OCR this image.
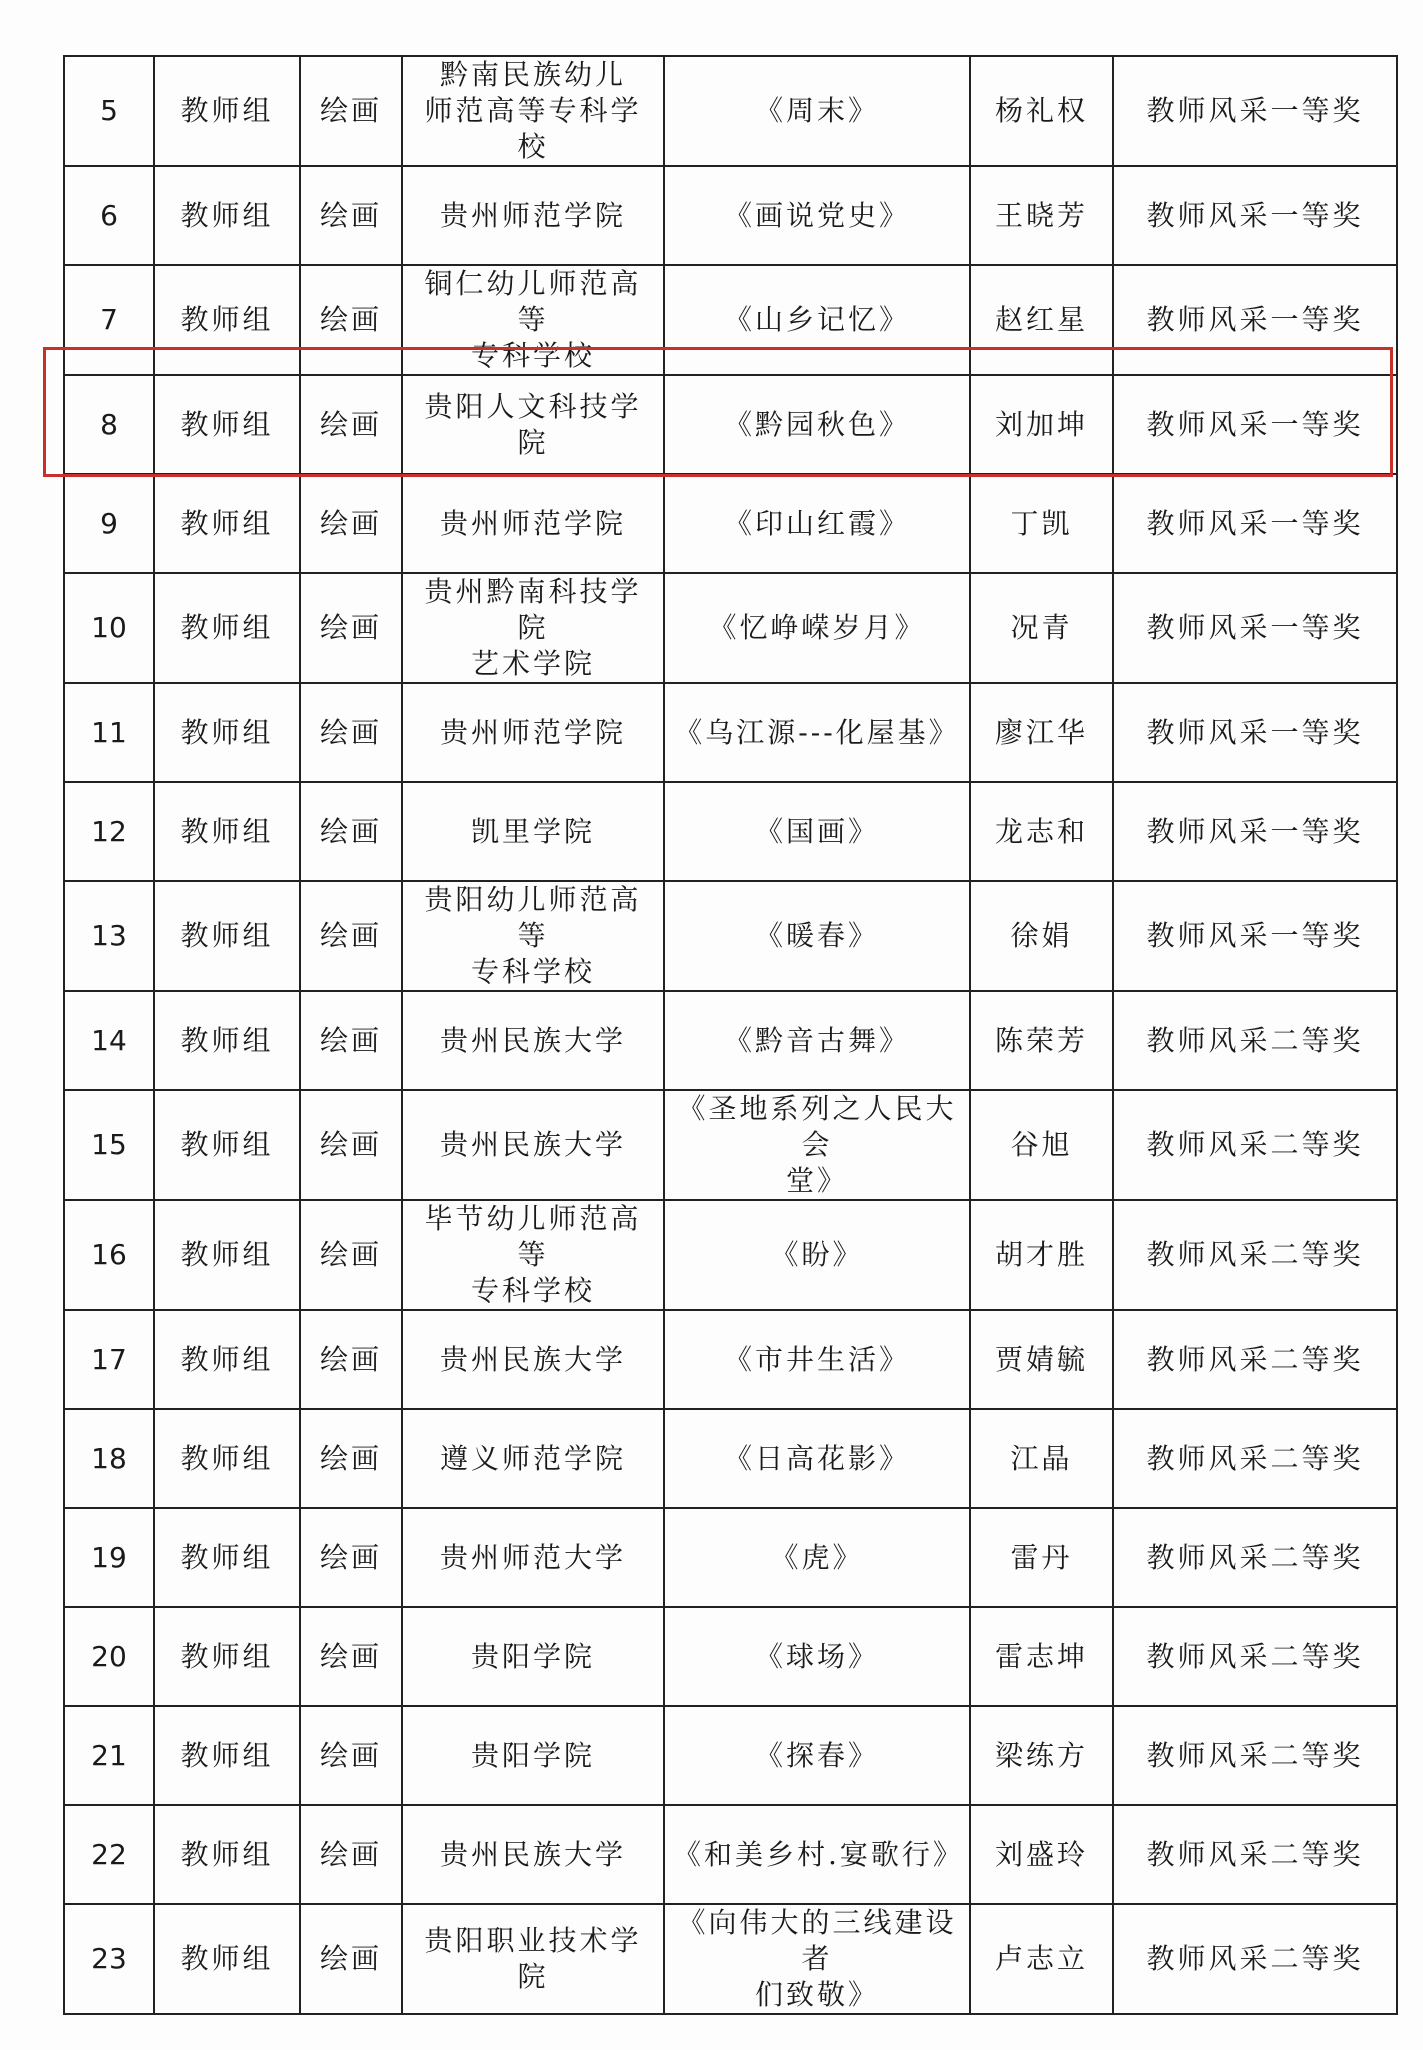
5	教师组	绘画	黔南民族幼儿
师范高等专科学校	《周末》	杨礼权	教师风采一等奖
6	教师组	绘画	贵州师范学院	《画说党史》	王晓芳	教师风采一等奖
7	教师组	绘画	铜仁幼儿师范高等
专科学校	《山乡记忆》	赵红星	教师风采一等奖
8	教师组	绘画	贵阳人文科技学院	《黔园秋色》	刘加坤	教师风采一等奖
9	教师组	绘画	贵州师范学院	《印山红霞》	丁凯	教师风采一等奖
10	教师组	绘画	贵州黔南科技学院
艺术学院	《忆峥嵘岁月》	况青	教师风采一等奖
11	教师组	绘画	贵州师范学院	《乌江源---化屋基》	廖江华	教师风采一等奖
12	教师组	绘画	凯里学院	《国画》	龙志和	教师风采一等奖
13	教师组	绘画	贵阳幼儿师范高等
专科学校	《暖春》	徐娟	教师风采一等奖
14	教师组	绘画	贵州民族大学	《黔音古舞》	陈荣芳	教师风采二等奖
15	教师组	绘画	贵州民族大学	《圣地系列之人民大会
堂》	谷旭	教师风采二等奖
16	教师组	绘画	毕节幼儿师范高等
专科学校	《盼》	胡才胜	教师风采二等奖
17	教师组	绘画	贵州民族大学	《市井生活》	贾婧毓	教师风采二等奖
18	教师组	绘画	遵义师范学院	《日高花影》	江晶	教师风采二等奖
19	教师组	绘画	贵州师范大学	《虎》	雷丹	教师风采二等奖
20	教师组	绘画	贵阳学院	《球场》	雷志坤	教师风采二等奖
21	教师组	绘画	贵阳学院	《探春》	梁练方	教师风采二等奖
22	教师组	绘画	贵州民族大学	《和美乡村.宴歌行》	刘盛玲	教师风采二等奖
23	教师组	绘画	贵阳职业技术学院	《向伟大的三线建设者
们致敬》	卢志立	教师风采二等奖
